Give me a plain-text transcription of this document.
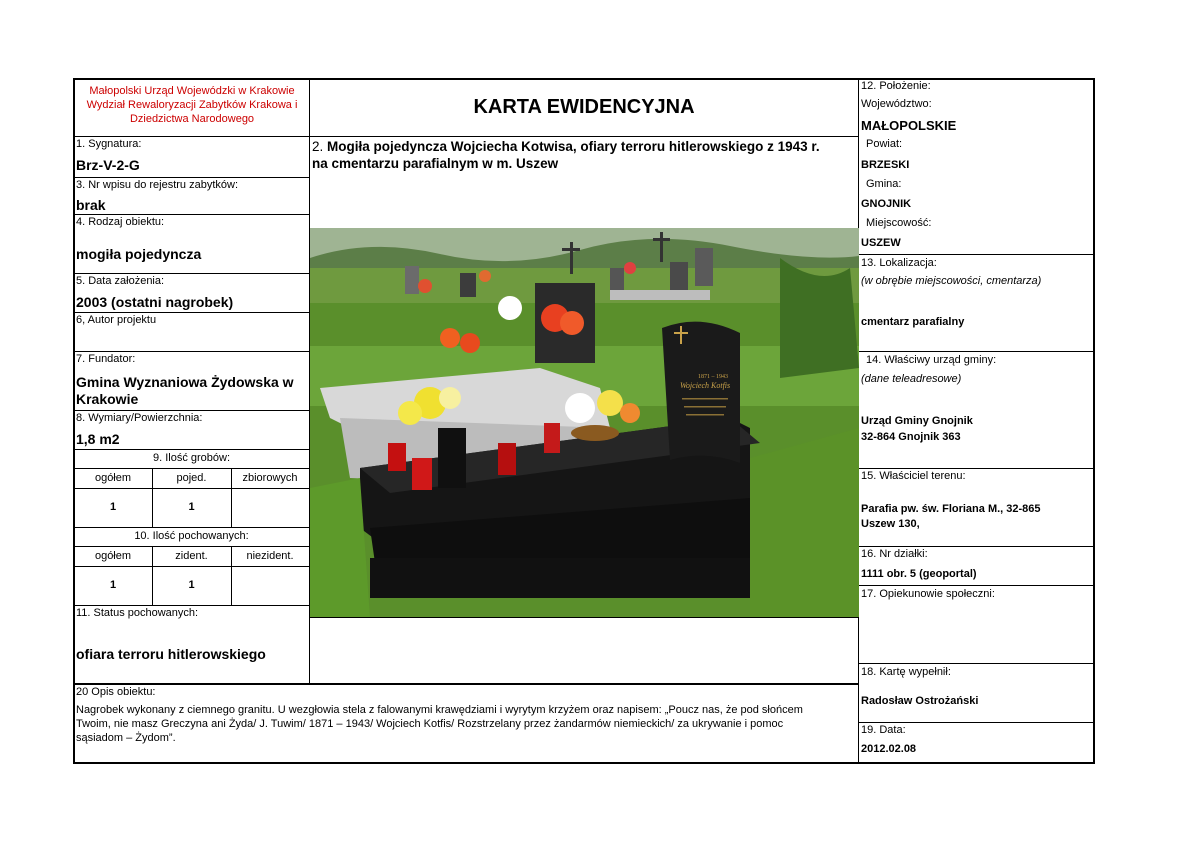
Małopolski Urząd Wojewódzki w Krakowie
Wydział Rewaloryzacji Zabytków Krakowa i
Dziedzictwa Narodowego
KARTA EWIDENCYJNA
2. Mogiła pojedyncza Wojciecha Kotwisa, ofiary terroru hitlerowskiego z 1943 r.
na cmentarzu parafialnym w m. Uszew
1. Sygnatura:
Brz-V-2-G
3. Nr wpisu do rejestru zabytków:
brak
4. Rodzaj obiektu:
mogiła pojedyncza
5. Data założenia:
2003 (ostatni nagrobek)
6, Autor projektu
7. Fundator:
Gmina Wyznaniowa Żydowska w
Krakowie
8. Wymiary/Powierzchnia:
1,8 m2
9. Ilość grobów:
ogółem	pojed.	zbiorowych
1	1
10. Ilość pochowanych:
ogółem	zident.	niezident.
1	1
11. Status pochowanych:
ofiara terroru hitlerowskiego
1871 – 1943
Wojciech Kotfis
12. Położenie:
Województwo:
MAŁOPOLSKIE
Powiat:
BRZESKI
Gmina:
GNOJNIK
Miejscowość:
USZEW
13. Lokalizacja:
(w obrębie miejscowości, cmentarza)
cmentarz parafialny
14. Właściwy urząd gminy:
(dane teleadresowe)
Urząd Gminy Gnojnik
32-864 Gnojnik 363
15. Właściciel terenu:
Parafia pw. św. Floriana M., 32-865
Uszew 130,
16. Nr działki:
1111 obr. 5 (geoportal)
17. Opiekunowie społeczni:
18. Kartę wypełnił:
Radosław Ostrożański
19. Data:
2012.02.08
20 Opis obiektu:
Nagrobek wykonany z ciemnego granitu. U wezgłowia stela z falowanymi krawędziami i wyrytym krzyżem oraz napisem: „Poucz nas, że pod słońcem
Twoim, nie masz Greczyna ani Żyda/ J. Tuwim/ 1871 – 1943/ Wojciech Kotfis/ Rozstrzelany przez żandarmów niemieckich/ za ukrywanie i pomoc
sąsiadom – Żydom”.
